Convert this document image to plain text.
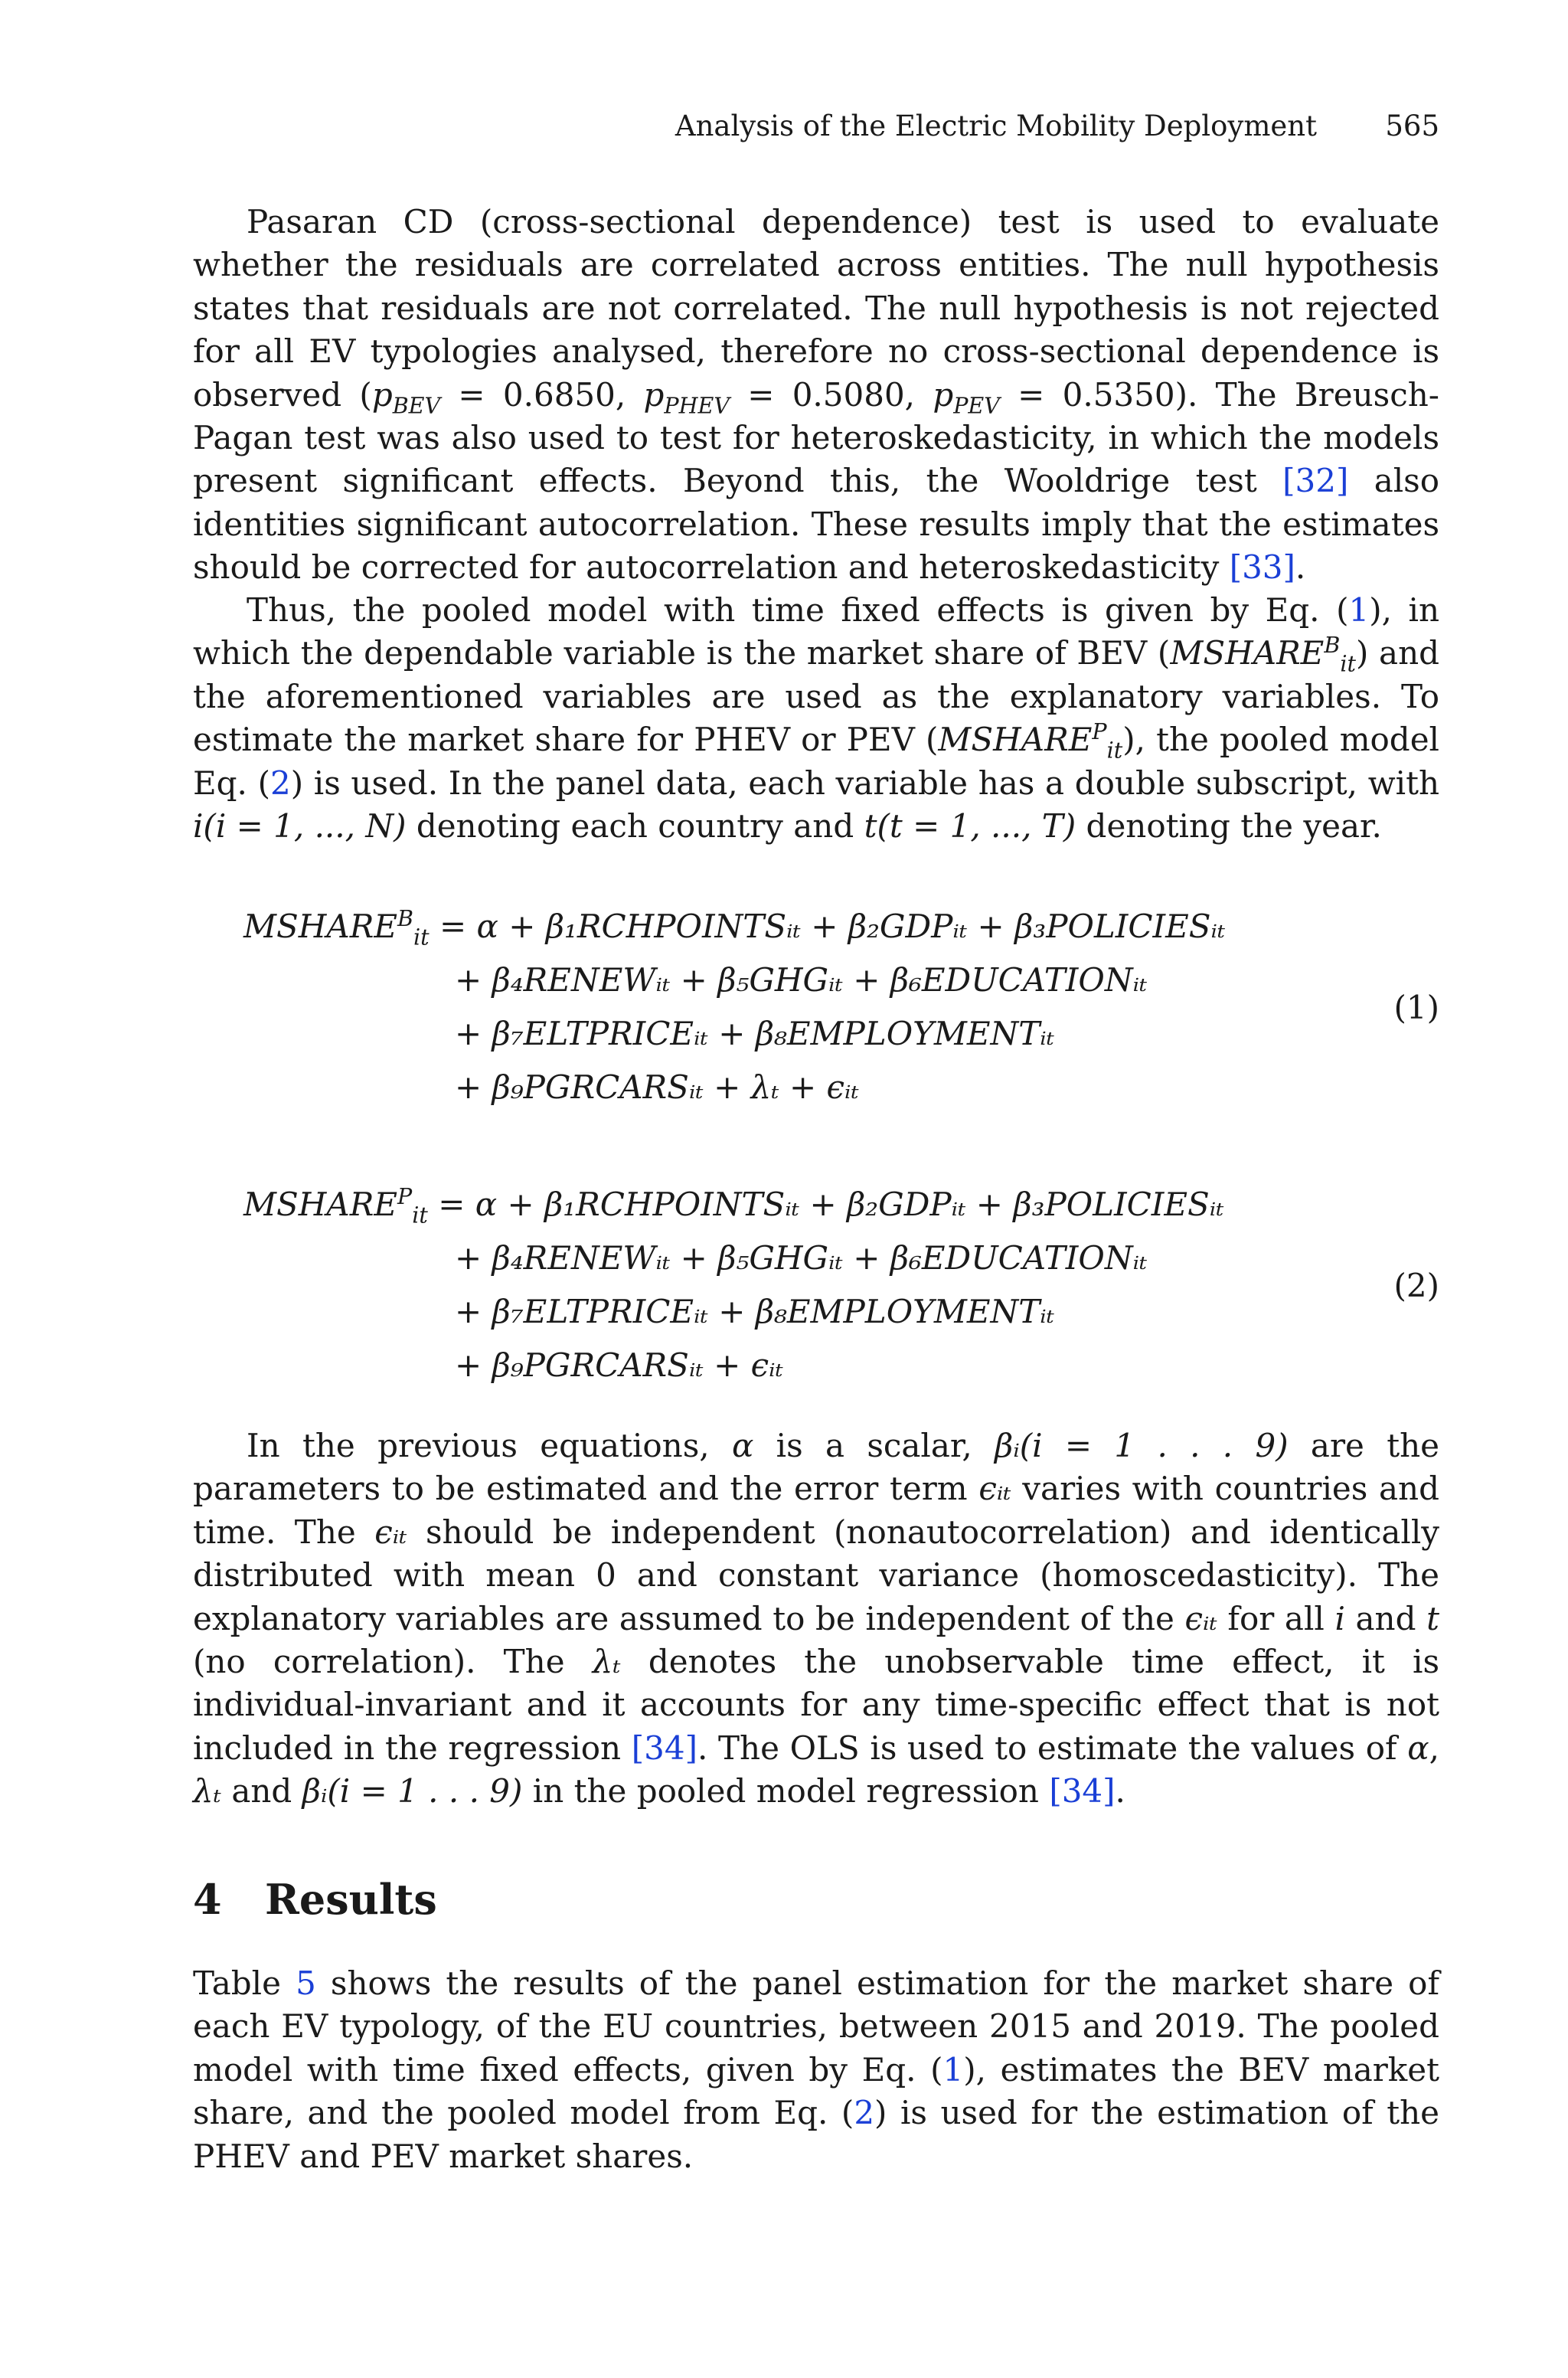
Analysis of the Electric Mobility Deployment 565

Pasaran CD (cross-sectional dependence) test is used to evaluate whether the residuals are correlated across entities. The null hypothesis states that residuals are not correlated. The null hypothesis is not rejected for all EV typologies analysed, therefore no cross-sectional dependence is observed ($p_{BEV} = 0.6850$, $p_{PHEV} = 0.5080$, $p_{PEV} = 0.5350$). The Breusch-Pagan test was also used to test for heteroskedasticity, in which the models present significant effects. Beyond this, the Wooldrige test [32] also identities significant autocorrelation. These results imply that the estimates should be corrected for autocorrelation and heteroskedasticity [33].

Thus, the pooled model with time fixed effects is given by Eq. (1), in which the dependable variable is the market share of BEV $(MSHARE^B_{it})$ and the aforementioned variables are used as the explanatory variables. To estimate the market share for PHEV or PEV $(MSHARE^P_{it})$, the pooled model Eq. (2) is used. In the panel data, each variable has a double subscript, with i(i = 1, ..., N) denoting each country and t(t = 1, ..., T) denoting the year.

$MSHARE^B_{it} = \alpha$ + β₁RCHPOINTSᵢₜ + β₂GDPᵢₜ + β₃POLICIESᵢₜ
+ β₄RENEWᵢₜ + β₅GHGᵢₜ + β₆EDUCATIONᵢₜ
+ β₇ELTPRICEᵢₜ + β₈EMPLOYMENTᵢₜ
+ β₉PGRCARSᵢₜ + λₜ + ϵᵢₜ
(1)
$MSHARE^P_{it} = \alpha$ + β₁RCHPOINTSᵢₜ + β₂GDPᵢₜ + β₃POLICIESᵢₜ
+ β₄RENEWᵢₜ + β₅GHGᵢₜ + β₆EDUCATIONᵢₜ
+ β₇ELTPRICEᵢₜ + β₈EMPLOYMENTᵢₜ
+ β₉PGRCARSᵢₜ + ϵᵢₜ
(2)

In the previous equations, α is a scalar, βᵢ(i = 1 . . . 9) are the parameters to be estimated and the error term ϵᵢₜ varies with countries and time. The ϵᵢₜ should be independent (nonautocorrelation) and identically distributed with mean 0 and constant variance (homoscedasticity). The explanatory variables are assumed to be independent of the ϵᵢₜ for all i and t (no correlation). The λₜ denotes the unobservable time effect, it is individual-invariant and it accounts for any time-specific effect that is not included in the regression [34]. The OLS is used to estimate the values of α, λₜ and βᵢ(i = 1 . . . 9) in the pooled model regression [34].

4 Results

Table 5 shows the results of the panel estimation for the market share of each EV typology, of the EU countries, between 2015 and 2019. The pooled model with time fixed effects, given by Eq. (1), estimates the BEV market share, and the pooled model from Eq. (2) is used for the estimation of the PHEV and PEV market shares.
